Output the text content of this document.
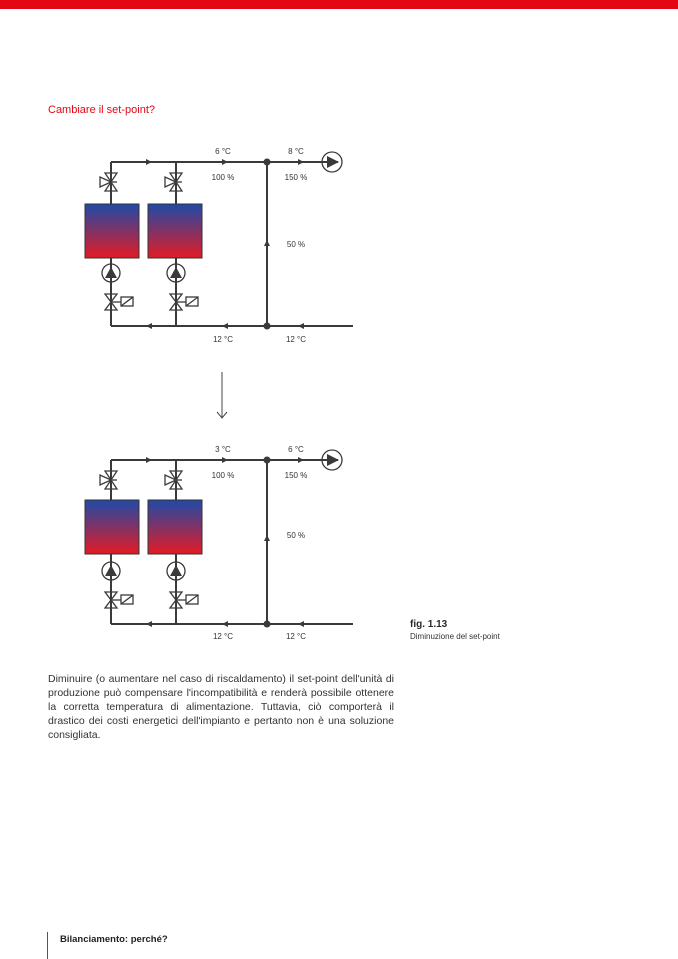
Cambiare il set-point?
6 °C	8 °C
100 %	150 %
50 %
12 °C	12 °C
3 °C	6 °C
100 %	150 %
50 %
12 °C	12 °C
fig. 1.13
Diminuzione del set-point
Diminuire (o aumentare nel caso di riscaldamento) il set-point dell'unità di produzione può compensare l'incompatibilità e renderà possibile ottenere la corretta temperatura di alimentazione. Tuttavia, ciò comporterà il drastico dei costi energetici dell'impianto e pertanto non è una soluzione consigliata.
Bilanciamento: perché?
